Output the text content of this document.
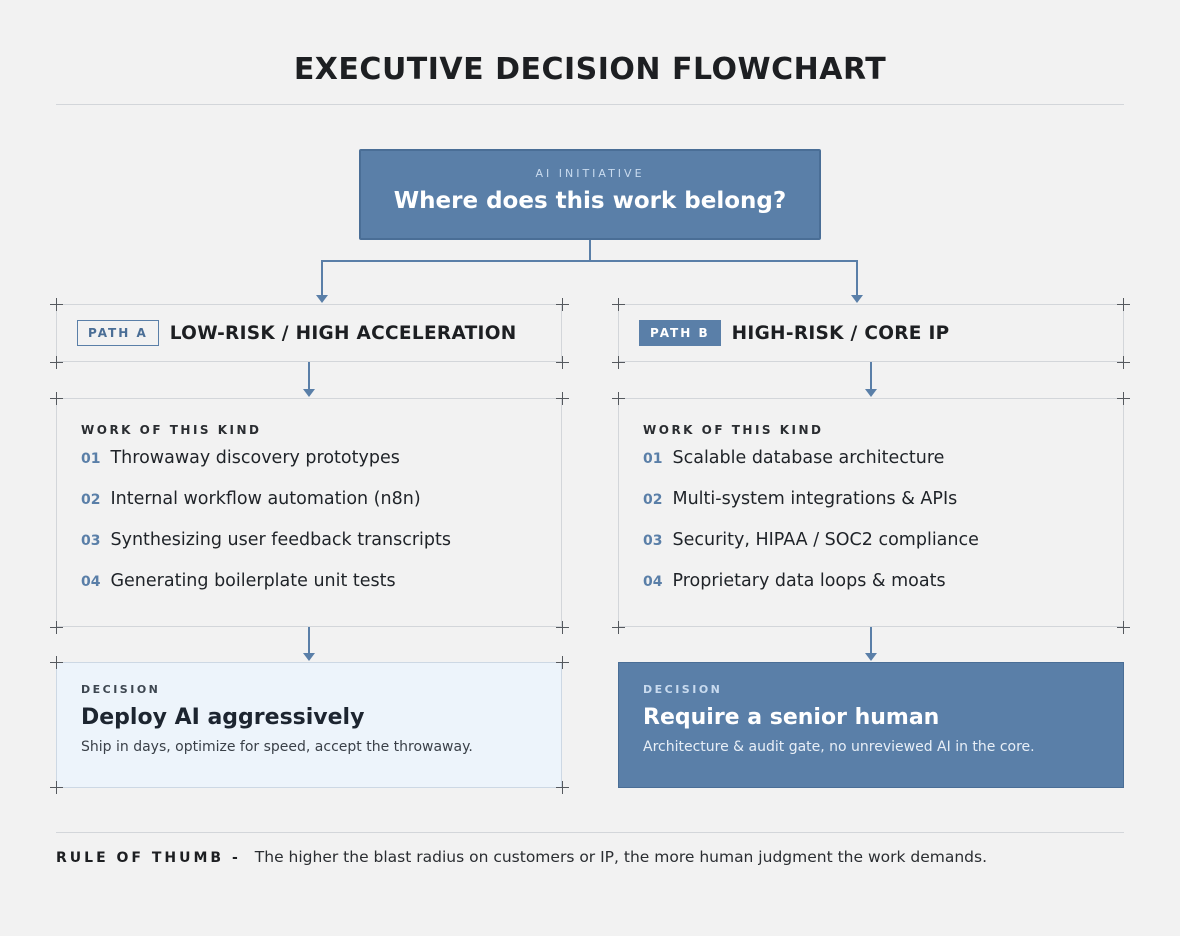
EXECUTIVE DECISION FLOWCHART
AI INITIATIVE
Where does this work belong?
PATH A	LOW-RISK / HIGH ACCELERATION
WORK OF THIS KIND
01 Throwaway discovery prototypes
02 Internal workflow automation (n8n)
03 Synthesizing user feedback transcripts
04 Generating boilerplate unit tests
DECISION
Deploy AI aggressively
Ship in days, optimize for speed, accept the throwaway.
PATH B	HIGH-RISK / CORE IP
WORK OF THIS KIND
01 Scalable database architecture
02 Multi-system integrations & APIs
03 Security, HIPAA / SOC2 compliance
04 Proprietary data loops & moats
DECISION
Require a senior human
Architecture & audit gate, no unreviewed AI in the core.
RULE OF THUMB - The higher the blast radius on customers or IP, the more human judgment the work demands.
